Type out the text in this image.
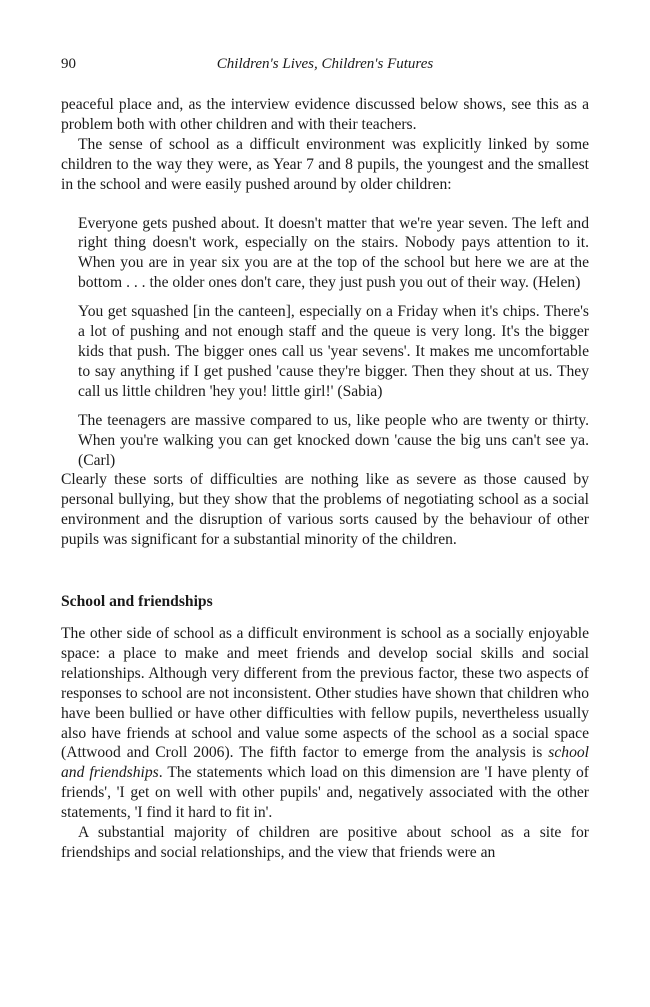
90	Children's Lives, Children's Futures

peaceful place and, as the interview evidence discussed below shows, see this as a problem both with other children and with their teachers.

The sense of school as a difficult environment was explicitly linked by some children to the way they were, as Year 7 and 8 pupils, the youngest and the smallest in the school and were easily pushed around by older children:

Everyone gets pushed about. It doesn't matter that we're year seven. The left and right thing doesn't work, especially on the stairs. Nobody pays attention to it. When you are in year six you are at the top of the school but here we are at the bottom . . . the older ones don't care, they just push you out of their way. (Helen)

You get squashed [in the canteen], especially on a Friday when it's chips. There's a lot of pushing and not enough staff and the queue is very long. It's the bigger kids that push. The bigger ones call us 'year sevens'. It makes me uncomfortable to say anything if I get pushed 'cause they're bigger. Then they shout at us. They call us little children 'hey you! little girl!' (Sabia)

The teenagers are massive compared to us, like people who are twenty or thirty. When you're walking you can get knocked down 'cause the big uns can't see ya. (Carl)

Clearly these sorts of difficulties are nothing like as severe as those caused by personal bullying, but they show that the problems of negotiating school as a social environment and the disruption of various sorts caused by the behaviour of other pupils was significant for a substantial minority of the children.

School and friendships

The other side of school as a difficult environment is school as a socially enjoyable space: a place to make and meet friends and develop social skills and social relationships. Although very different from the previous factor, these two aspects of responses to school are not inconsistent. Other studies have shown that children who have been bullied or have other difficulties with fellow pupils, nevertheless usually also have friends at school and value some aspects of the school as a social space (Attwood and Croll 2006). The fifth factor to emerge from the analysis is school and friendships. The statements which load on this dimension are 'I have plenty of friends', 'I get on well with other pupils' and, negatively associated with the other statements, 'I find it hard to fit in'.

A substantial majority of children are positive about school as a site for friendships and social relationships, and the view that friends were an
